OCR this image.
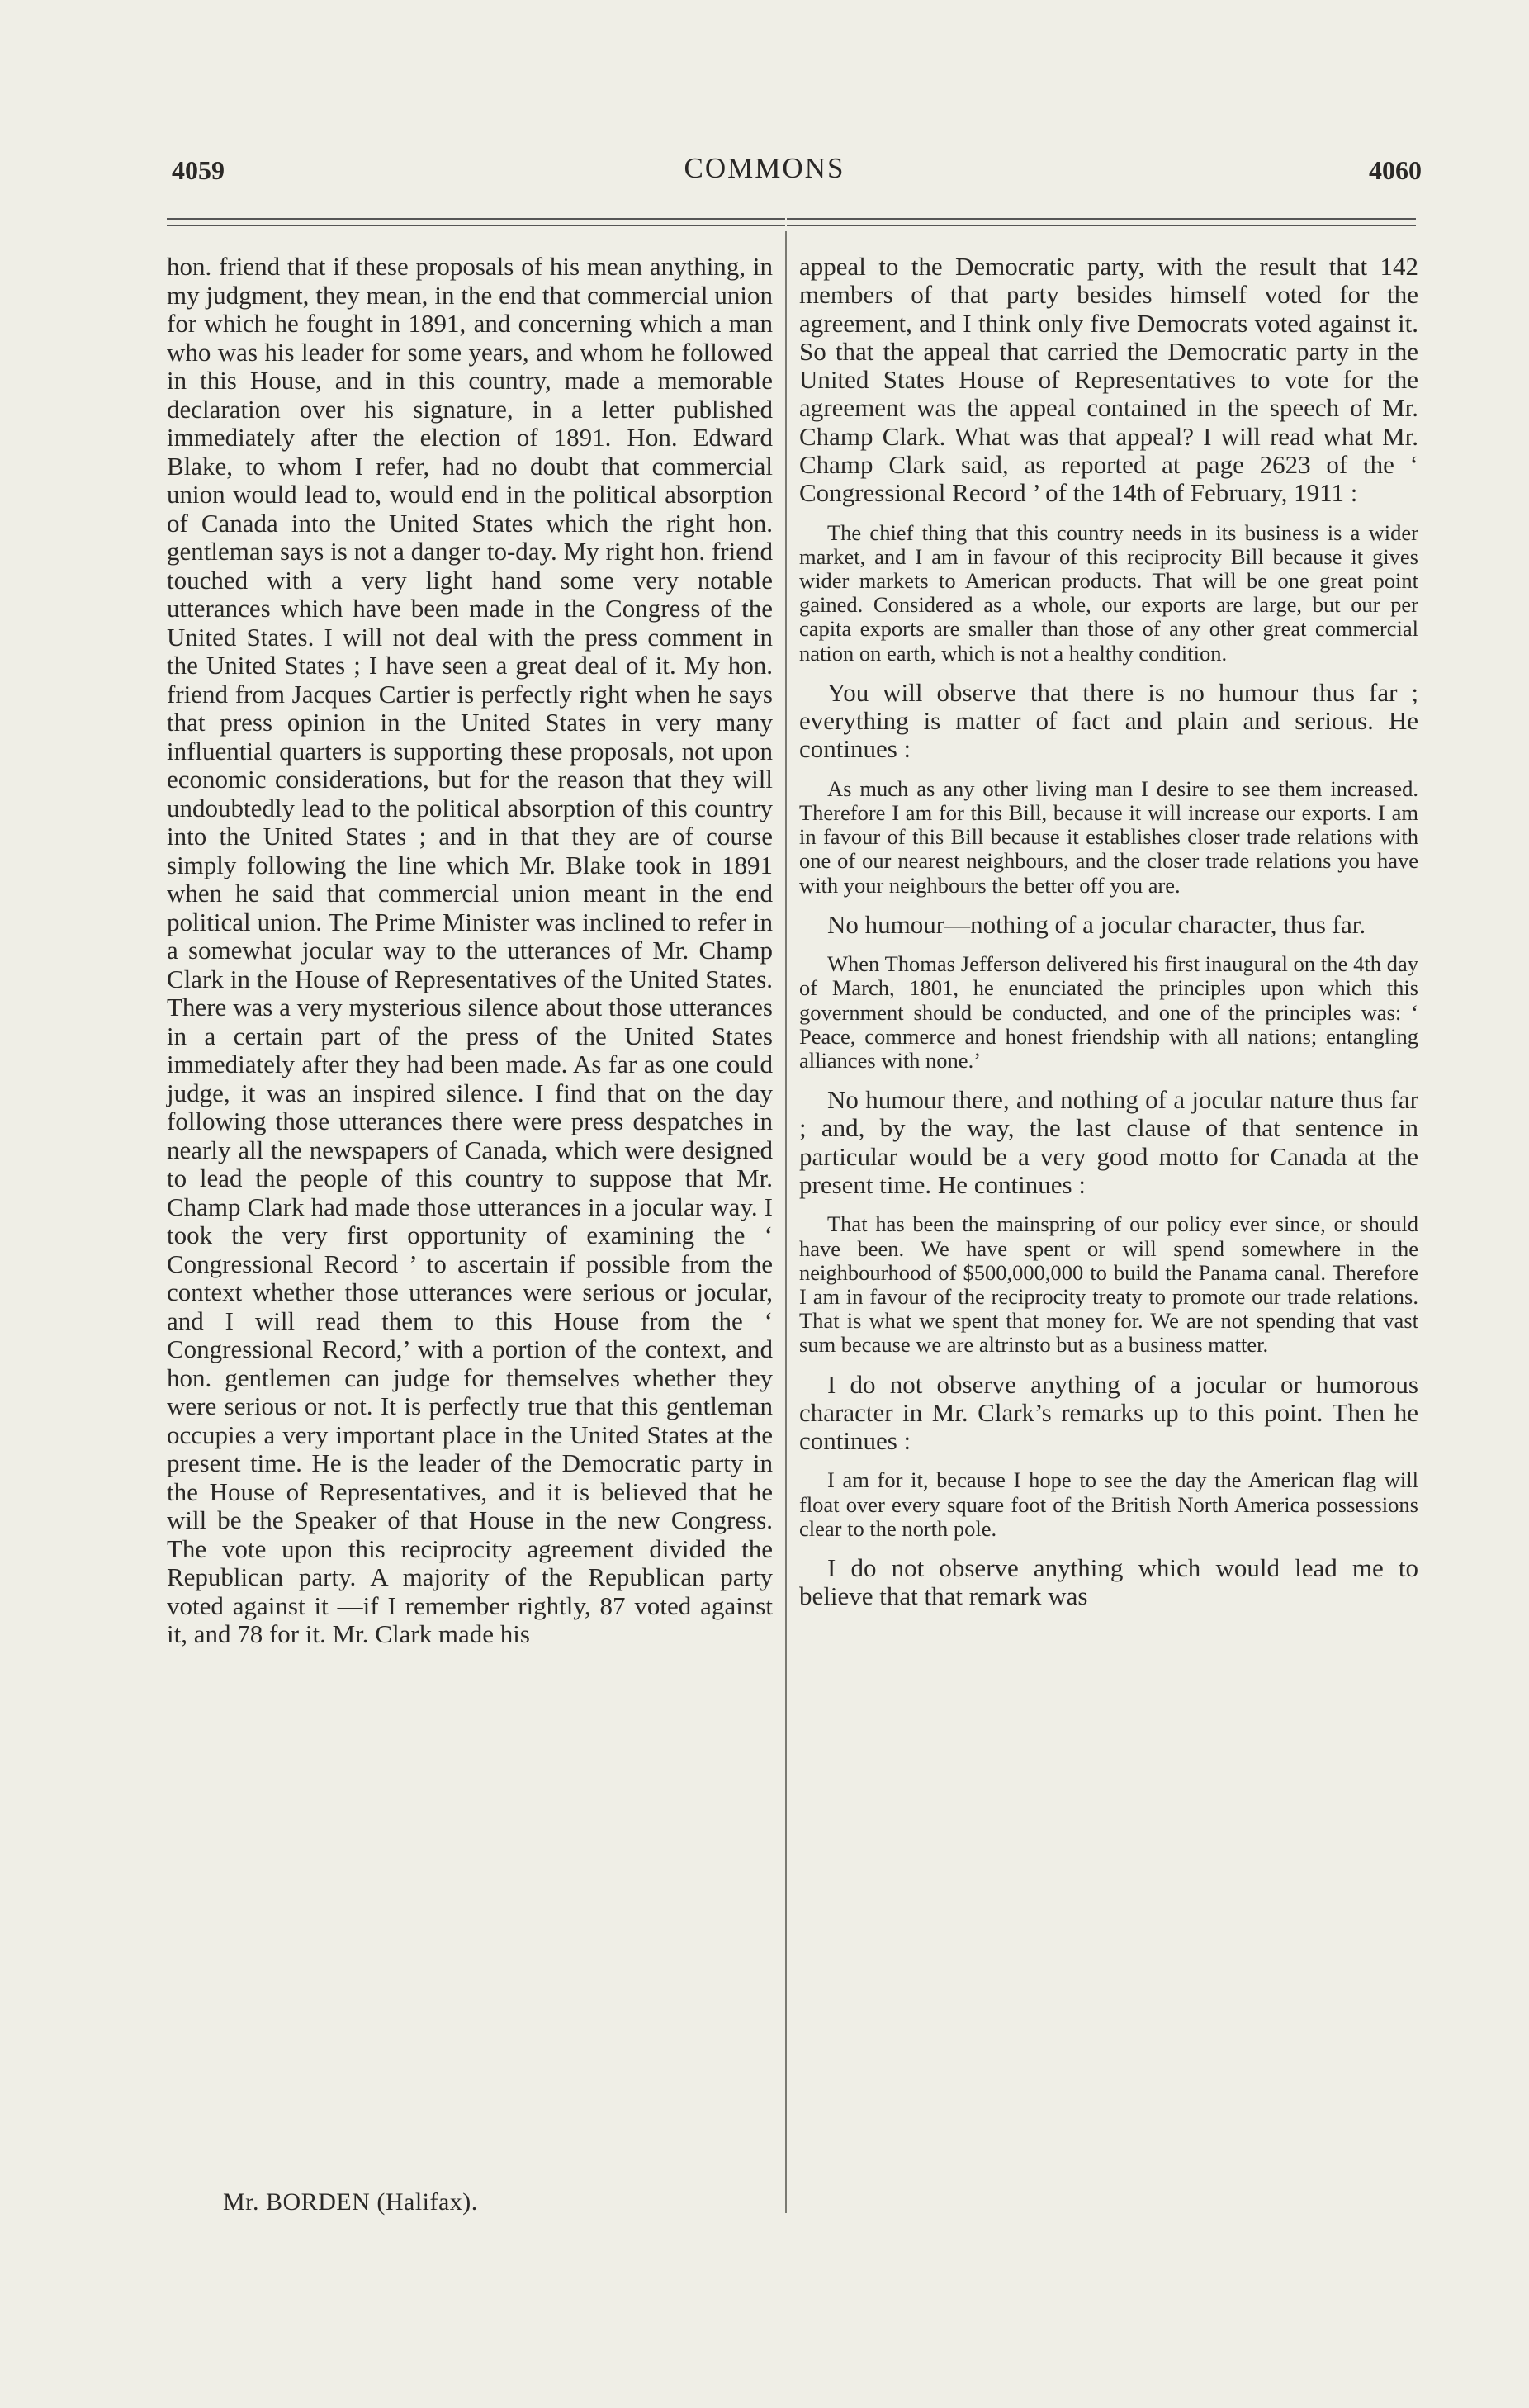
4059	COMMONS	4060

hon. friend that if these proposals of his mean anything, in my judgment, they mean, in the end that commercial union for which he fought in 1891, and concerning which a man who was his leader for some years, and whom he followed in this House, and in this country, made a memorable declaration over his signature, in a letter published immediately after the election of 1891. Hon. Edward Blake, to whom I refer, had no doubt that commercial union would lead to, would end in the political absorption of Canada into the United States which the right hon. gentleman says is not a danger to-day. My right hon. friend touched with a very light hand some very notable utterances which have been made in the Congress of the United States. I will not deal with the press comment in the United States ; I have seen a great deal of it. My hon. friend from Jacques Cartier is perfectly right when he says that press opinion in the United States in very many influential quarters is supporting these proposals, not upon economic considerations, but for the reason that they will undoubtedly lead to the political absorption of this country into the United States ; and in that they are of course simply following the line which Mr. Blake took in 1891 when he said that commercial union meant in the end political union. The Prime Minister was inclined to refer in a somewhat jocular way to the utterances of Mr. Champ Clark in the House of Representatives of the United States. There was a very mysterious silence about those utterances in a certain part of the press of the United States immediately after they had been made. As far as one could judge, it was an inspired silence. I find that on the day following those utterances there were press despatches in nearly all the newspapers of Canada, which were designed to lead the people of this country to suppose that Mr. Champ Clark had made those utterances in a jocular way. I took the very first opportunity of examining the ‘ Congressional Record ’ to ascertain if possible from the context whether those utterances were serious or jocular, and I will read them to this House from the ‘ Congressional Record,’ with a portion of the context, and hon. gentlemen can judge for themselves whether they were serious or not. It is perfectly true that this gentleman occupies a very important place in the United States at the present time. He is the leader of the Democratic party in the House of Representatives, and it is believed that he will be the Speaker of that House in the new Congress. The vote upon this reciprocity agreement divided the Republican party. A majority of the Republican party voted against it —if I remember rightly, 87 voted against it, and 78 for it. Mr. Clark made his

Mr. BORDEN (Halifax).

appeal to the Democratic party, with the result that 142 members of that party besides himself voted for the agreement, and I think only five Democrats voted against it. So that the appeal that carried the Democratic party in the United States House of Representatives to vote for the agreement was the appeal contained in the speech of Mr. Champ Clark. What was that appeal? I will read what Mr. Champ Clark said, as reported at page 2623 of the ‘ Congressional Record ’ of the 14th of February, 1911 :

The chief thing that this country needs in its business is a wider market, and I am in favour of this reciprocity Bill because it gives wider markets to American products. That will be one great point gained. Considered as a whole, our exports are large, but our per capita exports are smaller than those of any other great commercial nation on earth, which is not a healthy condition.

You will observe that there is no humour thus far ; everything is matter of fact and plain and serious. He continues :

As much as any other living man I desire to see them increased. Therefore I am for this Bill, because it will increase our exports. I am in favour of this Bill because it establishes closer trade relations with one of our nearest neighbours, and the closer trade relations you have with your neighbours the better off you are.

No humour—nothing of a jocular character, thus far.

When Thomas Jefferson delivered his first inaugural on the 4th day of March, 1801, he enunciated the principles upon which this government should be conducted, and one of the principles was: ‘ Peace, commerce and honest friendship with all nations; entangling alliances with none.’

No humour there, and nothing of a jocular nature thus far ; and, by the way, the last clause of that sentence in particular would be a very good motto for Canada at the present time. He continues :

That has been the mainspring of our policy ever since, or should have been. We have spent or will spend somewhere in the neighbourhood of $500,000,000 to build the Panama canal. Therefore I am in favour of the reciprocity treaty to promote our trade relations. That is what we spent that money for. We are not spending that vast sum because we are altrinsto but as a business matter.

I do not observe anything of a jocular or humorous character in Mr. Clark’s remarks up to this point. Then he continues :

I am for it, because I hope to see the day the American flag will float over every square foot of the British North America possessions clear to the north pole.

I do not observe anything which would lead me to believe that that remark was
